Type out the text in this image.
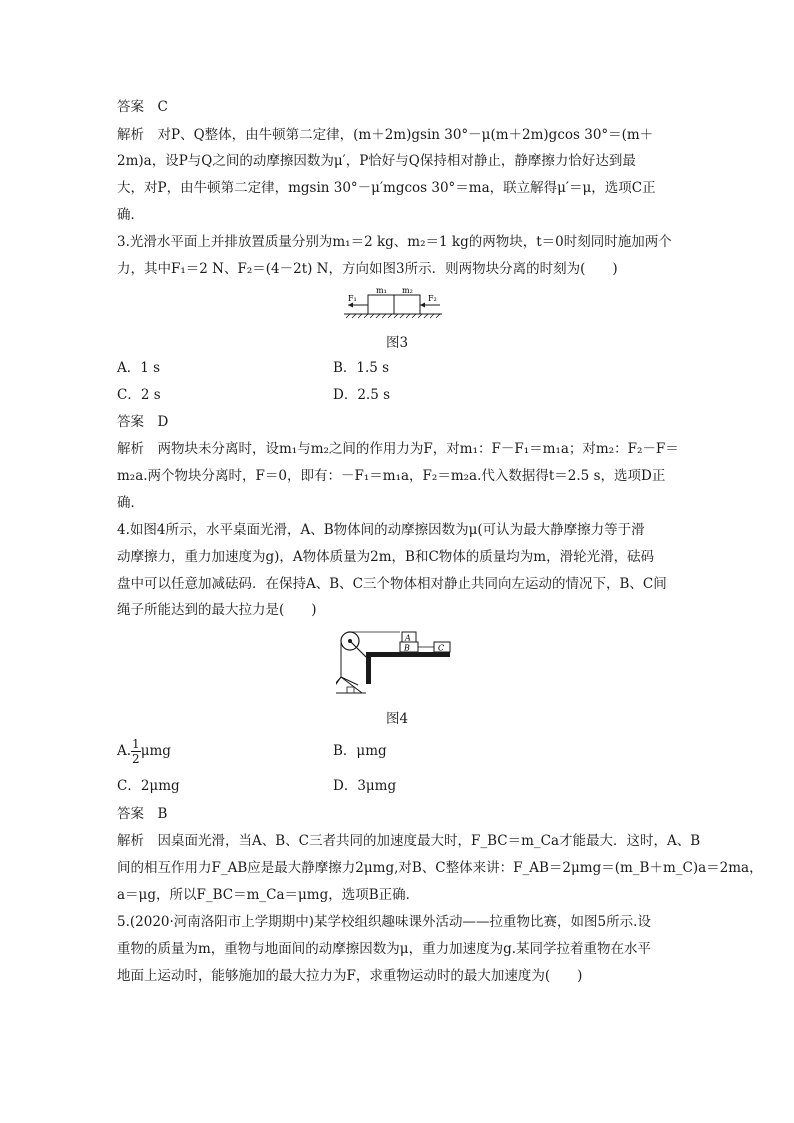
答案　C
解析　对P、Q整体，由牛顿第二定律，(m＋2m)gsin 30°－μ(m＋2m)gcos 30°＝(m＋
2m)a，设P与Q之间的动摩擦因数为μ′，P恰好与Q保持相对静止，静摩擦力恰好达到最
大，对P，由牛顿第二定律，mgsin 30°－μ′mgcos 30°＝ma，联立解得μ′＝μ，选项C正
确．
3.光滑水平面上并排放置质量分别为m₁＝2 kg、m₂＝1 kg的两物块，t＝0时刻同时施加两个
力，其中F₁＝2 N、F₂＝(4－2t) N，方向如图3所示．则两物块分离的时刻为(　　)
m₁ m₂
F₁	F₂
图3
A．1 s	B．1.5 s
C．2 s	D．2.5 s
答案　D
解析　两物块未分离时，设m₁与m₂之间的作用力为F，对m₁：F－F₁＝m₁a；对m₂：F₂－F＝
m₂a.两个物块分离时，F＝0，即有：－F₁＝m₁a，F₂＝m₂a.代入数据得t＝2.5 s，选项D正
确．
4.如图4所示，水平桌面光滑，A、B物体间的动摩擦因数为μ(可认为最大静摩擦力等于滑
动摩擦力，重力加速度为g)，A物体质量为2m，B和C物体的质量均为m，滑轮光滑，砝码
盘中可以任意加减砝码．在保持A、B、C三个物体相对静止共同向左运动的情况下，B、C间
绳子所能达到的最大拉力是(　　)
A
B	C
图4
A. $\frac{1}{2}$ μmg	B．μmg
C．2μmg	D．3μmg
答案　B
解析　因桌面光滑，当A、B、C三者共同的加速度最大时，F_BC＝m_Ca才能最大．这时，A、B
间的相互作用力F_AB应是最大静摩擦力2μmg,对B、C整体来讲：F_AB＝2μmg＝(m_B＋m_C)a＝2ma，
a＝μg，所以F_BC＝m_Ca＝μmg，选项B正确．
5.(2020·河南洛阳市上学期期中)某学校组织趣味课外活动——拉重物比赛，如图5所示.设
重物的质量为m，重物与地面间的动摩擦因数为μ，重力加速度为g.某同学拉着重物在水平
地面上运动时，能够施加的最大拉力为F，求重物运动时的最大加速度为(　　)
